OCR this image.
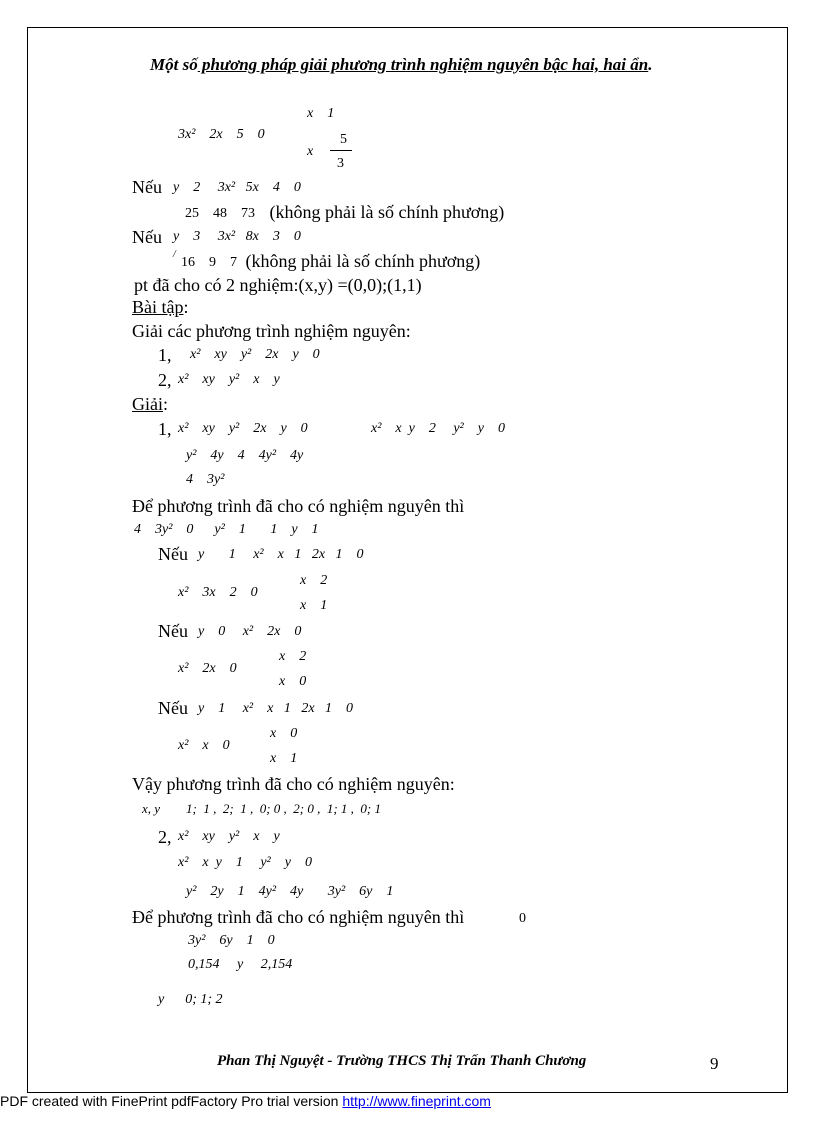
Một số phương pháp giải phương trình nghiệm nguyên bậc hai, hai ẩn.
x    1
3x²    2x    5    0
x
5
3
Nếu y    2     3x²   5x    4    0
25    48    73 (không phải là số chính phương)
Nếu y    3     3x²   8x    3    0
/
16    9    7 (không phải là số chính phương)
pt đã cho có 2 nghiệm:(x,y) =(0,0);(1,1)
Bài tập:
Giải các phương trình nghiệm nguyên:
1, x²    xy    y²    2x    y    0
2, x²    xy    y²    x    y
Giải:
1, x²    xy    y²    2x    y    0	x²    x  y    2     y²    y    0
y²    4y    4    4y²    4y
4    3y²
Để phương trình đã cho có nghiệm nguyên thì
4    3y²    0      y²    1       1    y    1
Nếu y       1     x²    x   1   2x   1    0
x²    3x    2    0
x    2
x    1
Nếu y    0     x²    2x    0
x²    2x    0
x    2
x    0
Nếu y    1     x²    x   1   2x   1    0
x²    x    0
x    0
x    1
Vậy phương trình đã cho có nghiệm nguyên:
x, y        1;  1 ,  2;  1 ,  0; 0 ,  2; 0 ,  1; 1 ,  0; 1
2, x²    xy    y²    x    y
x²    x  y    1     y²    y    0
y²    2y    1    4y²    4y       3y²    6y    1
Để phương trình đã cho có nghiệm nguyên thì	0
3y²    6y    1    0
0,154     y     2,154
y      0; 1; 2
Phan Thị Nguyệt - Trường THCS Thị Trấn Thanh Chương	9
PDF created with FinePrint pdfFactory Pro trial version http://www.fineprint.com
